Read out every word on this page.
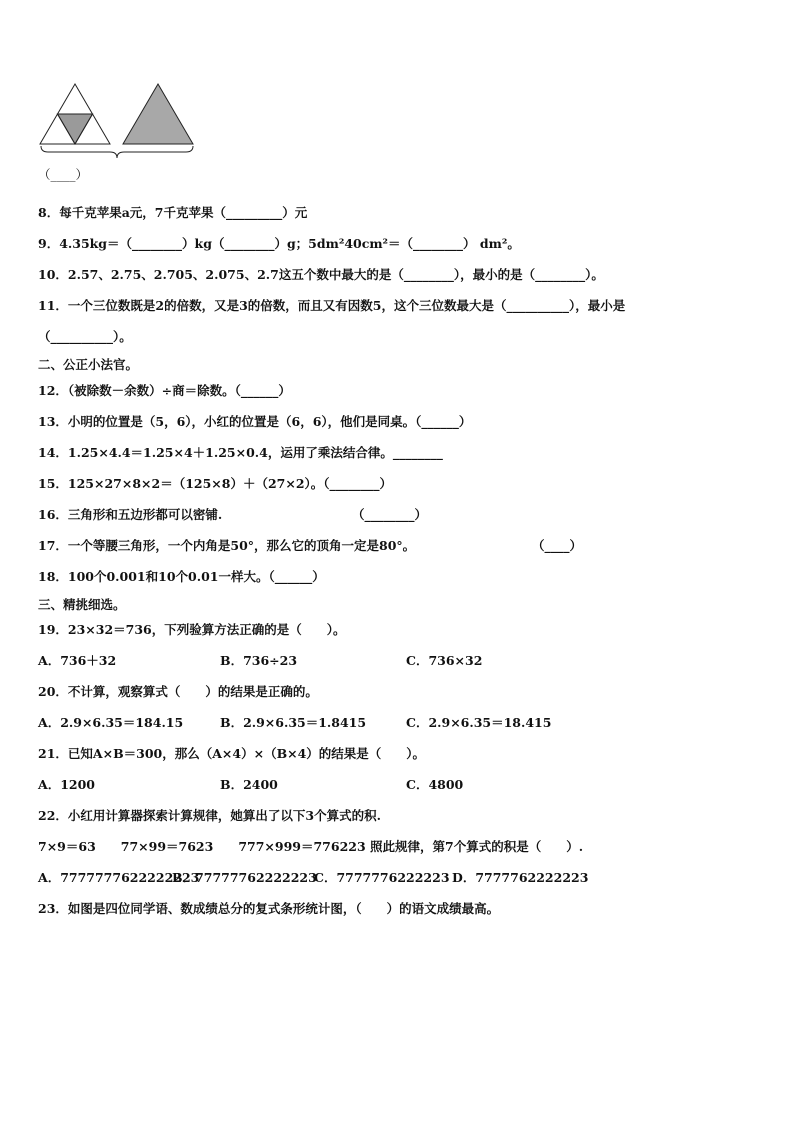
（____）
8．每千克苹果a元，7千克苹果（_________）元
9．4.35kg＝（________）kg（________）g；5dm²40cm²＝（________） dm²。
10．2.57、2.75、2.705、2.075、2.7这五个数中最大的是（________），最小的是（________）。
11．一个三位数既是2的倍数，又是3的倍数，而且又有因数5，这个三位数最大是（__________），最小是
（__________）。
二、公正小法官。
12．（被除数－余数）÷商＝除数。（______）
13．小明的位置是（5，6），小红的位置是（6，6），他们是同桌。（______）
14．1.25×4.4＝1.25×4＋1.25×0.4，运用了乘法结合律。________
15．125×27×8×2＝（125×8）＋（27×2）。（________）
16．三角形和五边形都可以密铺.	（________）
17．一个等腰三角形，一个内角是50°，那么它的顶角一定是80°。	（____）
18．100个0.001和10个0.01一样大。（______）
三、精挑细选。
19．23×32＝736，下列验算方法正确的是（　　）。
A．736＋32	B．736÷23	C．736×32
20．不计算，观察算式（　　）的结果是正确的。
A．2.9×6.35＝184.15	B．2.9×6.35＝1.8415	C．2.9×6.35＝18.415
21．已知A×B＝300，那么（A×4）×（B×4）的结果是（　　）。
A．1200	B．2400	C．4800
22．小红用计算器探索计算规律，她算出了以下3个算式的积.
7×9＝63　　77×99＝7623　　777×999＝776223 照此规律，第7个算式的积是（　　）.
A．7777777622222223
B．77777762222223
C．7777776222223 D．7777762222223
23．如图是四位同学语、数成绩总分的复式条形统计图，（　　）的语文成绩最高。
